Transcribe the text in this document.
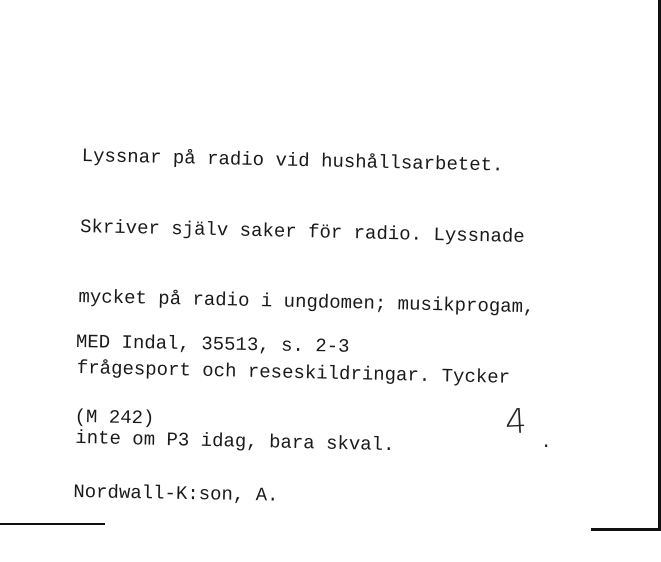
Lyssnar på radio vid hushållsarbetet.

Skriver själv saker för radio. Lyssnade

mycket på radio i ungdomen; musikprogam,

frågesport och reseskildringar. Tycker

inte om P3 idag, bara skval.

MED Indal, 35513, s. 2-3

(M 242)

Nordwall-K:son, A.

4 .
